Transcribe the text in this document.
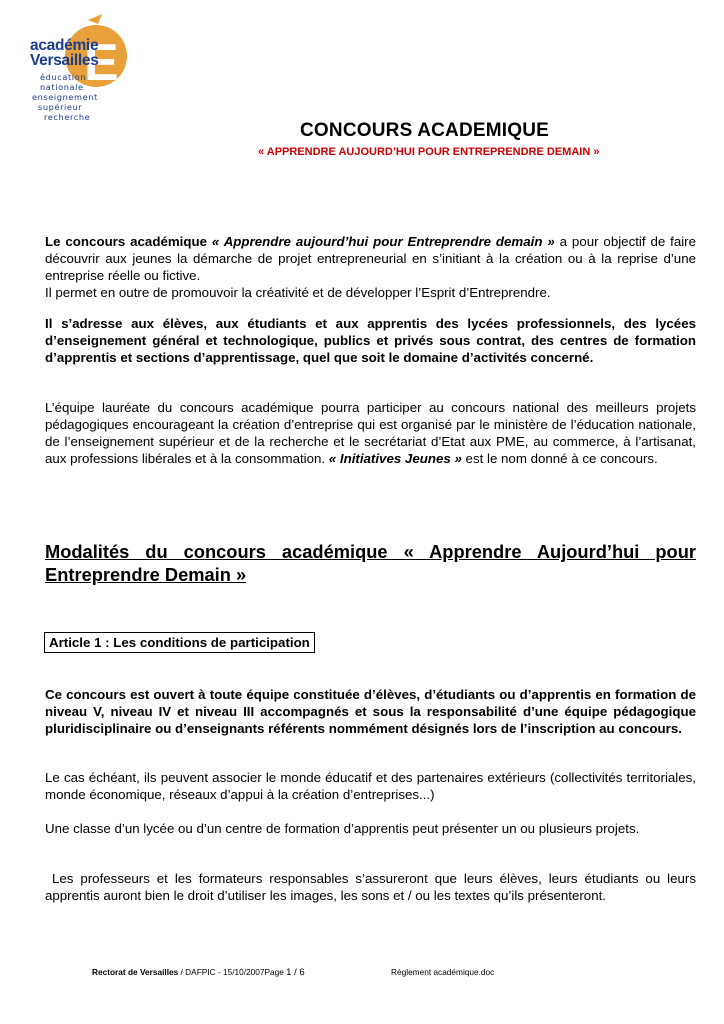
E
académie
Versailles
éducation
nationale
enseignement
supérieur
recherche
CONCOURS ACADEMIQUE
« APPRENDRE AUJOURD’HUI POUR ENTREPRENDRE DEMAIN »

Le concours académique « Apprendre aujourd’hui pour Entreprendre demain » a pour objectif de faire découvrir aux jeunes la démarche de projet entrepreneurial en s’initiant à la création ou à la reprise d’une entreprise réelle ou fictive.

Il permet en outre de promouvoir la créativité et de développer l’Esprit d’Entreprendre.

Il s’adresse aux élèves, aux étudiants et aux apprentis des lycées professionnels, des lycées d’enseignement général et technologique, publics et privés sous contrat, des centres de formation d’apprentis et sections d’apprentissage, quel que soit le domaine d’activités concerné.
L’équipe lauréate du concours académique pourra participer au concours national des meilleurs projets pédagogiques encourageant la création d’entreprise qui est organisé par le ministère de l’éducation nationale, de l’enseignement supérieur et de la recherche et le secrétariat d’Etat aux PME, au commerce, à l’artisanat, aux professions libérales et à la consommation. « Initiatives Jeunes » est le nom donné à ce concours.
Modalités du concours académique « Apprendre Aujourd’hui pour Entreprendre Demain »
Article 1 : Les conditions de participation
Ce concours est ouvert à toute équipe constituée d’élèves, d’étudiants ou d’apprentis en formation de niveau V, niveau IV et niveau III accompagnés et sous la responsabilité d’une équipe pédagogique pluridisciplinaire ou d’enseignants référents nommément désignés lors de l’inscription au concours.
Le cas échéant, ils peuvent associer le monde éducatif et des partenaires extérieurs (collectivités territoriales, monde économique, réseaux d’appui à la création d’entreprises...)
Une classe d’un lycée ou d’un centre de formation d’apprentis peut présenter un ou plusieurs projets.
Les professeurs et les formateurs responsables s’assureront que leurs élèves, leurs étudiants ou leurs apprentis auront bien le droit d’utiliser les images, les sons et / ou les textes qu’ils présenteront.
Rectorat de Versailles / DAFPIC - 15/10/2007Page 1 / 6	Règlement académique.doc
